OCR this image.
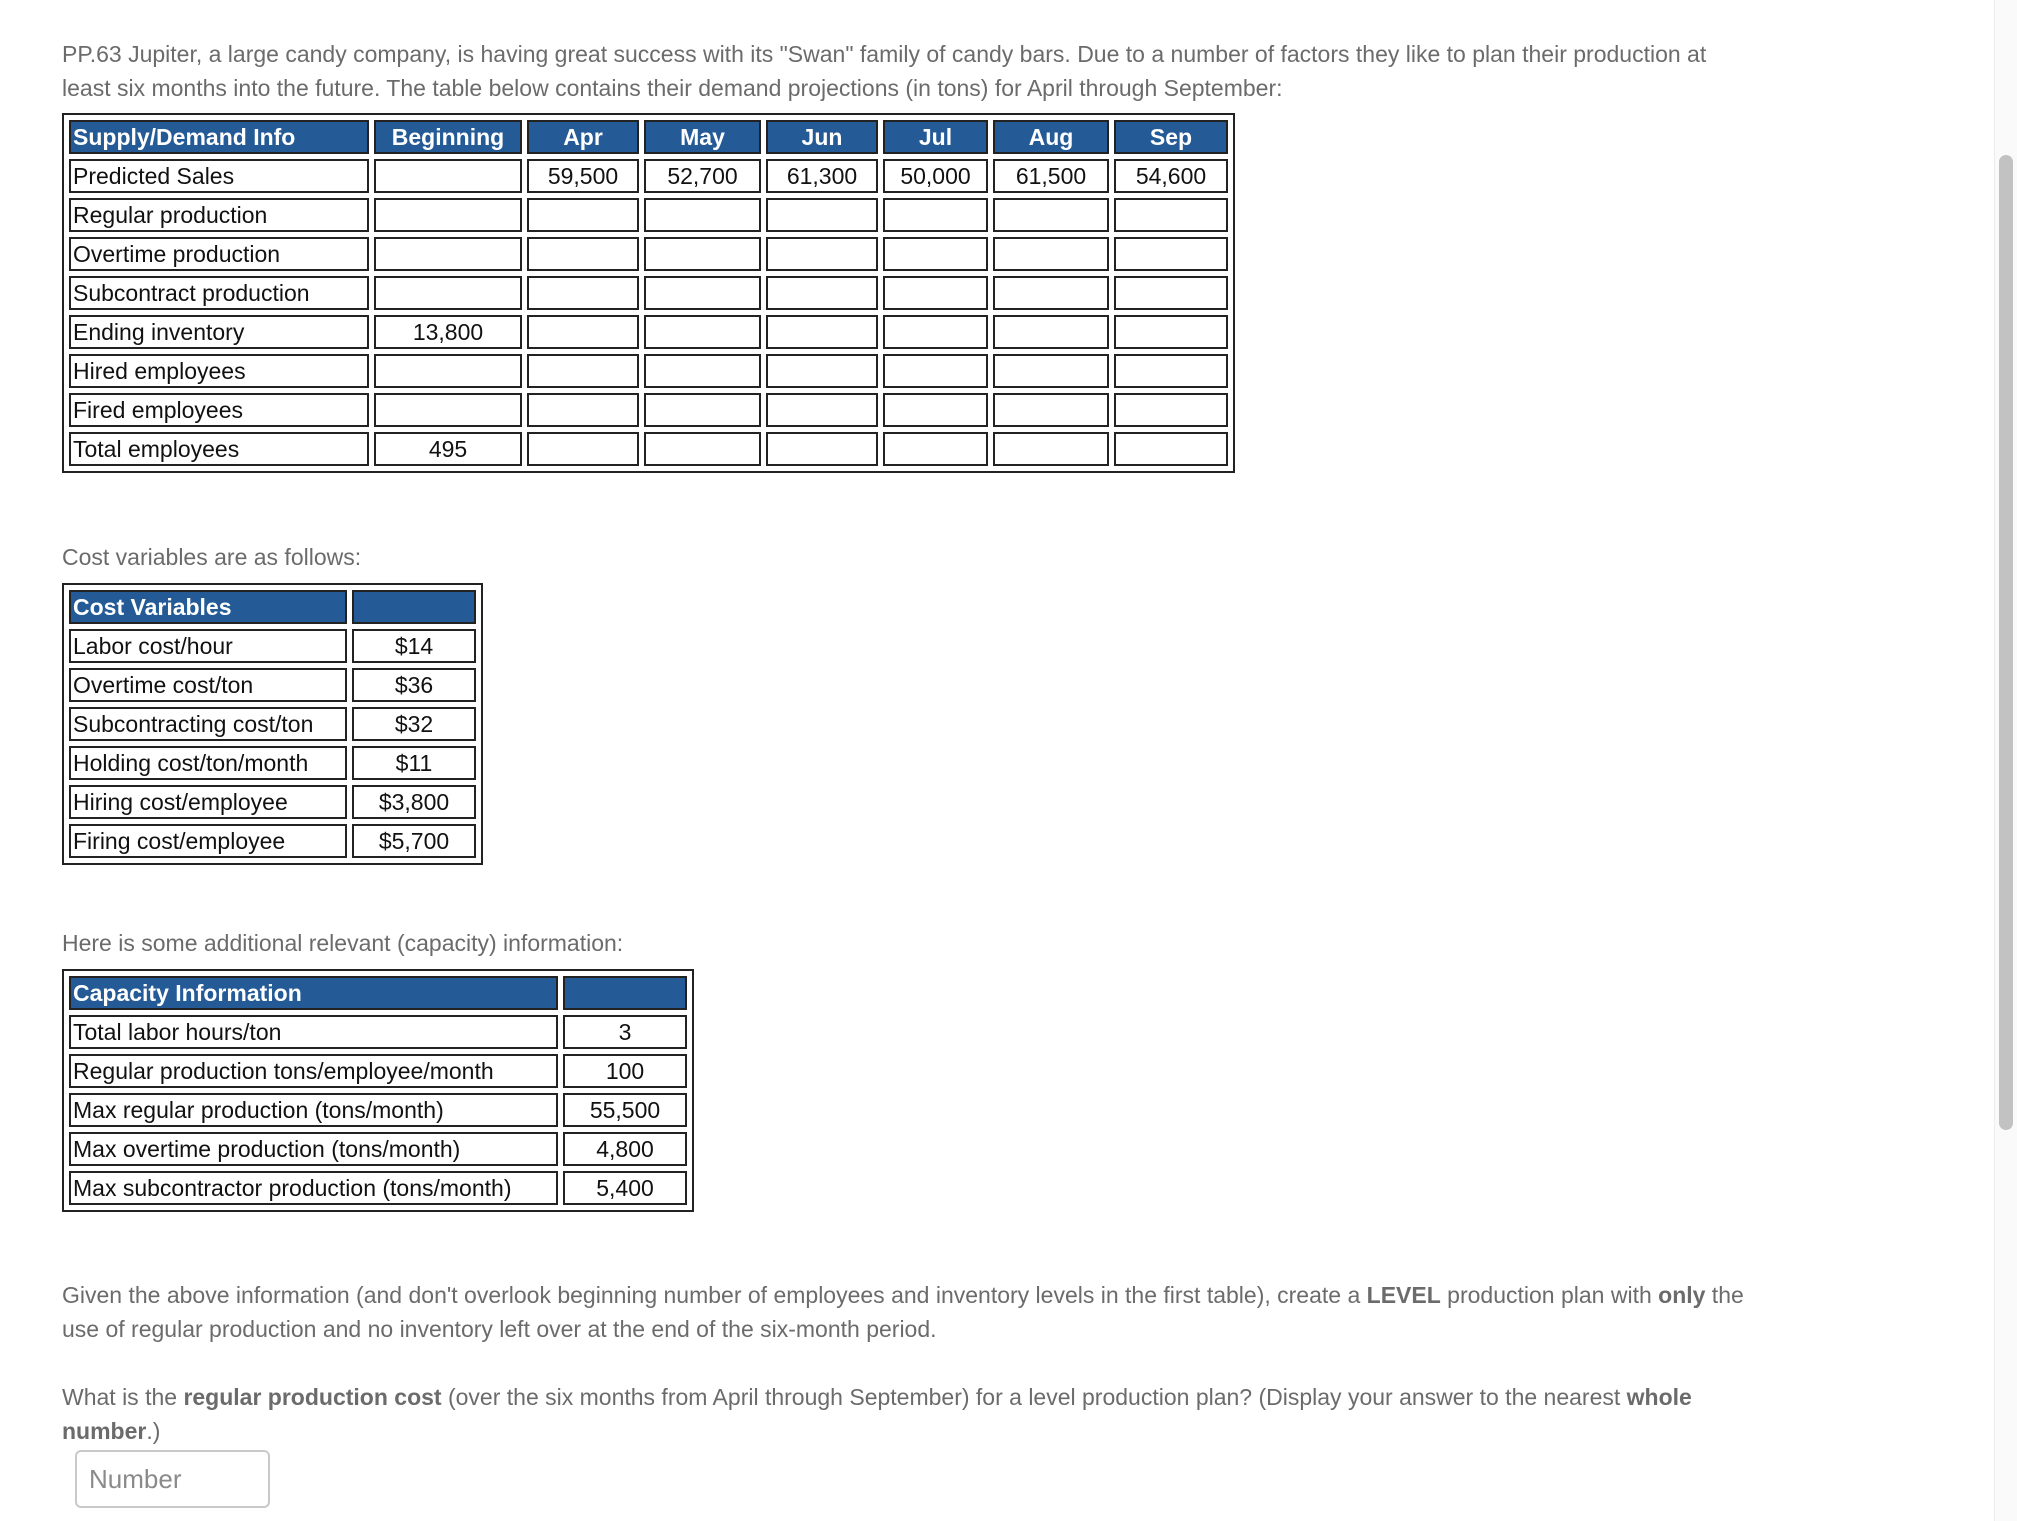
PP.63 Jupiter, a large candy company, is having great success with its "Swan" family of candy bars. Due to a number of factors they like to plan their production at least six months into the future. The table below contains their demand projections (in tons) for April through September:

Supply/Demand Info	Beginning	Apr	May	Jun	Jul	Aug	Sep
Predicted Sales		59,500	52,700	61,300	50,000	61,500	54,600
Regular production							
Overtime production							
Subcontract production							
Ending inventory	13,800						
Hired employees							
Fired employees							
Total employees	495						

Cost variables are as follows:

Cost Variables	
Labor cost/hour	$14
Overtime cost/ton	$36
Subcontracting cost/ton	$32
Holding cost/ton/month	$11
Hiring cost/employee	$3,800
Firing cost/employee	$5,700

Here is some additional relevant (capacity) information:

Capacity Information	
Total labor hours/ton	3
Regular production tons/employee/month	100
Max regular production (tons/month)	55,500
Max overtime production (tons/month)	4,800
Max subcontractor production (tons/month)	5,400

Given the above information (and don't overlook beginning number of employees and inventory levels in the first table), create a LEVEL production plan with only the use of regular production and no inventory left over at the end of the six-month period.

What is the regular production cost (over the six months from April through September) for a level production plan? (Display your answer to the nearest whole number.)

Number
